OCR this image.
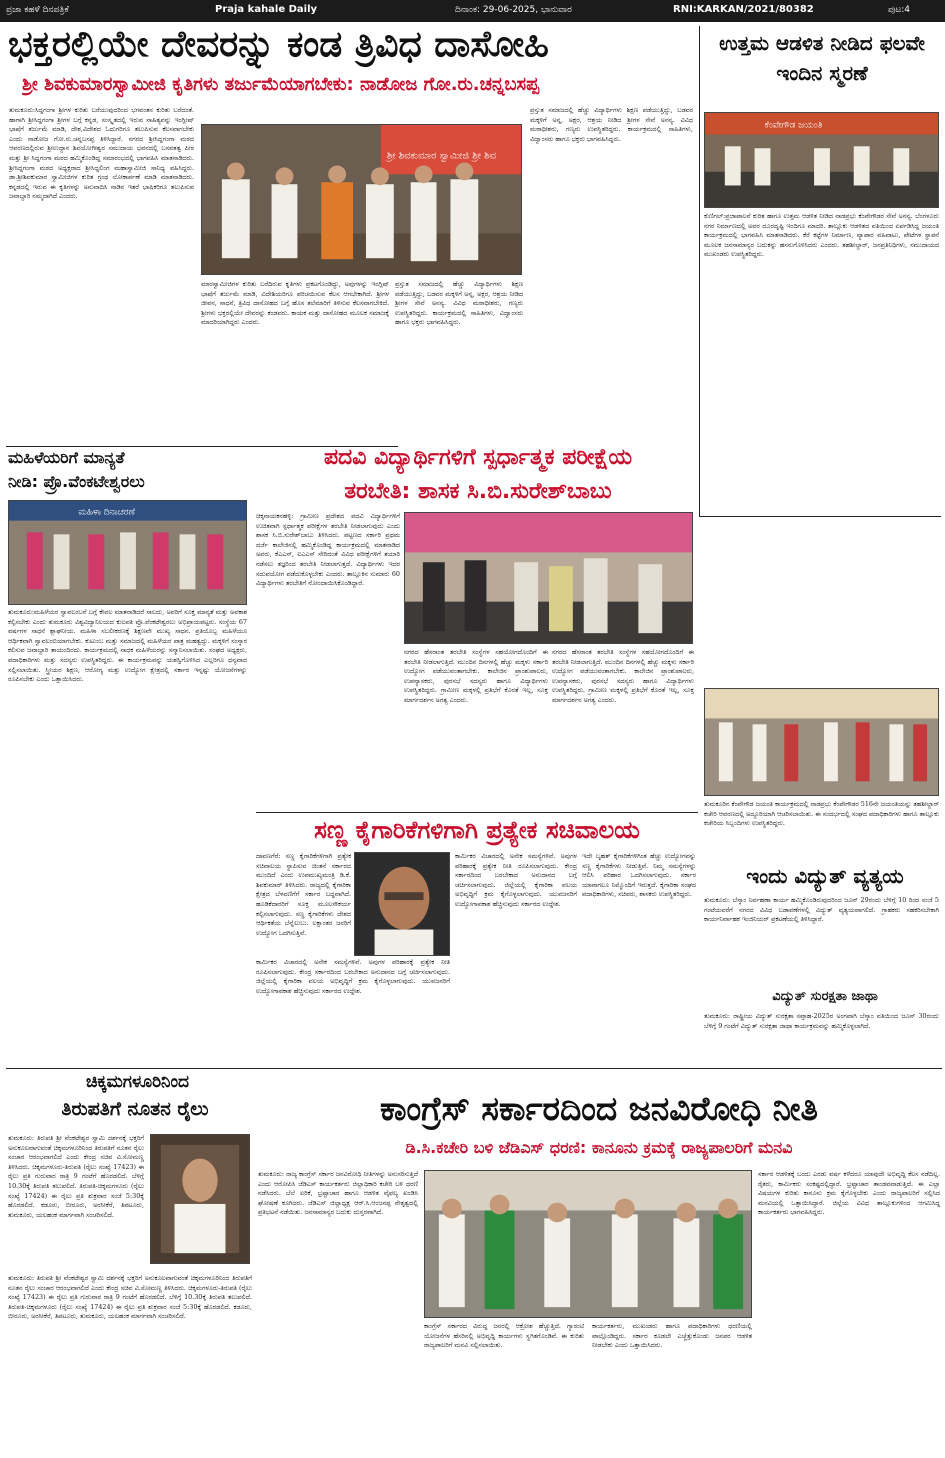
ಪ್ರಜಾ ಕಹಳೆ ದಿನಪತ್ರಿಕೆ	Praja kahale Daily	ದಿನಾಂಕ: 29-06-2025, ಭಾನುವಾರ	RNI:KARKAN/2021/80382	ಪುಟ:4
ಭಕ್ತರಲ್ಲಿಯೇ ದೇವರನ್ನು ಕಂಡ ತ್ರಿವಿಧ ದಾಸೋಹಿ
ಶ್ರೀ ಶಿವಕುಮಾರಸ್ವಾಮೀಜಿ ಕೃತಿಗಳು ತರ್ಜುಮೆಯಾಗಬೇಕು: ನಾಡೋಜ ಗೋ.ರು.ಚನ್ನಬಸಪ್ಪ
ತುಮಕೂರು:ಸಿದ್ದಗಂಗಾ ಶ್ರೀಗಳ ಕುರಿತು ಬರೆಯುವುದರಿಂದ ಭಗವಂತನ ಕುರಿತು ಬರೆದಂತೆ. ಹಾಗಾಗಿ ಶ್ರೀಸಿದ್ದಗಂಗಾ ಶ್ರೀಗಳ ಬಗ್ಗೆ ಕನ್ನಡ, ಸಂಸ್ಕೃತದಲ್ಲಿ ಇರುವ ಸಾಹಿತ್ಯವನ್ನು ಇಂಗ್ಲೀಷ್ ಭಾಷೆಗೆ ತರ್ಜುಮೆ ಮಾಡಿ, ದೇಶ,ವಿದೇಶದ ಓದುಗರಿಗೂ ತಲುಪಿಸುವ ಕೆಲಸವಾಗಬೇಕು ಎಂದು ನಾಡೋಜ ಗೋ.ರು.ಚನ್ನಬಸಪ್ಪ ತಿಳಿಸಿದ್ದಾರೆ. ನಗರದ ಶ್ರೀಸಿದ್ದಗಂಗಾ ಮಠದ ಆವರಣದಲ್ಲಿರುವ ಶ್ರೀಉದ್ದಾನ ಶಿವಯೋಗೀಶ್ವರ ಸಮುದಾಯ ಭವನದಲ್ಲಿ ಬಸವತತ್ವ ಪೀಠ ಮತ್ತು ಶ್ರೀ ಸಿದ್ದಗಂಗಾ ಮಠದ ಹಮ್ಮಿಕೊಂಡಿದ್ದ ಸಮಾರಂಭದಲ್ಲಿ ಭಾಗವಹಿಸಿ ಮಾತನಾಡಿದರು. ಶ್ರೀಸಿದ್ದಗಂಗಾ ಮಠದ ಅಧ್ಯಕ್ಷರಾದ ಶ್ರೀಸಿದ್ದಲಿಂಗ ಮಹಾಸ್ವಾಮೀಜಿ ಸಾನಿಧ್ಯ ವಹಿಸಿದ್ದರು. ಡಾ.ಶ್ರೀಶಿವಕುಮಾರ ಸ್ವಾಮೀಜಿಗಳ ಕುರಿತ ಗ್ರಂಥ ಲೋಕಾರ್ಪಣೆ ಮಾಡಿ ಮಾತನಾಡಿದರು. ಕನ್ನಡದಲ್ಲಿ ಇರುವ ಈ ಕೃತಿಗಳನ್ನು ಅನುವಾದಿಸಿ ನಾಡಿನ ಇತರೆ ಭಾಷಿಕರಿಗೂ ತಲುಪಿಸುವ ಜವಾಬ್ದಾರಿ ನಮ್ಮದಾಗಿದೆ ಎಂದರು.
ಶ್ರೀ ಶಿವಕುಮಾರ ಸ್ವಾಮೀಜಿ ಶ್ರೀ ಶಿವ
ಮಾರಸ್ವಾಮೀಜಿಗಳ ಕುರಿತು ಬರೆದಿರುವ ಕೃತಿಗಳು ಪ್ರಕಟಗೊಂಡಿದ್ದು, ಅವುಗಳನ್ನು ಇಂಗ್ಲಿಷ್ ಭಾಷೆಗೆ ತರ್ಜುಮೆ ಮಾಡಿ, ವಿದೇಶಿಯರಿಗೂ ಪರಿಚಯಿಸುವ ಕೆಲಸ ಆಗಬೇಕಾಗಿದೆ. ಶ್ರೀಗಳ ಜೀವನ, ಸಾಧನೆ, ತ್ರಿವಿಧ ದಾಸೋಹದ ಬಗ್ಗೆ ಹೊಸ ತಲೆಮಾರಿಗೆ ತಿಳಿಸುವ ಕೆಲಸವಾಗಬೇಕಿದೆ. ಶ್ರೀಗಳು ಭಕ್ತರಲ್ಲಿಯೇ ದೇವರನ್ನು ಕಂಡವರು. ಕಾಯಕ ಮತ್ತು ದಾಸೋಹದ ಮೂಲಕ ಸಮಾಜಕ್ಕೆ ಮಾದರಿಯಾಗಿದ್ದರು ಎಂದರು.
ಪ್ರಸ್ತುತ ಸಮಾಜದಲ್ಲಿ ಹೆಚ್ಚು ವಿದ್ಯಾರ್ಥಿಗಳು ಶಿಕ್ಷಣ ಪಡೆಯುತ್ತಿದ್ದು, ಬಡವರ ಮಕ್ಕಳಿಗೆ ಅನ್ನ, ಅಕ್ಷರ, ಆಶ್ರಯ ನೀಡಿದ ಶ್ರೀಗಳ ಸೇವೆ ಅನನ್ಯ. ವಿವಿಧ ಮಠಾಧೀಶರು, ಗಣ್ಯರು ಉಪಸ್ಥಿತರಿದ್ದರು. ಕಾರ್ಯಕ್ರಮದಲ್ಲಿ ಸಾಹಿತಿಗಳು, ವಿದ್ವಾಂಸರು ಹಾಗೂ ಭಕ್ತರು ಭಾಗವಹಿಸಿದ್ದರು.
ಪ್ರಸ್ತುತ ಸಮಾಜದಲ್ಲಿ ಹೆಚ್ಚು ವಿದ್ಯಾರ್ಥಿಗಳು ಶಿಕ್ಷಣ ಪಡೆಯುತ್ತಿದ್ದು, ಬಡವರ ಮಕ್ಕಳಿಗೆ ಅನ್ನ, ಅಕ್ಷರ, ಆಶ್ರಯ ನೀಡಿದ ಶ್ರೀಗಳ ಸೇವೆ ಅನನ್ಯ. ವಿವಿಧ ಮಠಾಧೀಶರು, ಗಣ್ಯರು ಉಪಸ್ಥಿತರಿದ್ದರು. ಕಾರ್ಯಕ್ರಮದಲ್ಲಿ ಸಾಹಿತಿಗಳು, ವಿದ್ವಾಂಸರು ಹಾಗೂ ಭಕ್ತರು ಭಾಗವಹಿಸಿದ್ದರು.
ಉತ್ತಮ ಆಡಳಿತ ನೀಡಿದ ಫಲವೇ ಇಂದಿನ ಸ್ಮರಣೆ
ಕೆಂಪೇಗೌಡ ಜಯಂತಿ
ಕುಣಿಗಲ್:ಪ್ರಜಾಪಾಲನೆ ಕುರಿತ ಹಾಗೂ ಉತ್ತಮ ಆಡಳಿತ ನೀಡಿದ ನಾಡಪ್ರಭು ಕೆಂಪೇಗೌಡರ ಸೇವೆ ಅನನ್ಯ. ಬೆಂಗಳೂರು ನಗರ ನಿರ್ಮಾಣದಲ್ಲಿ ಅವರ ದೂರದೃಷ್ಟಿ ಇಂದಿಗೂ ಮಾದರಿ. ತಾಲ್ಲೂಕು ಆಡಳಿತದ ವತಿಯಿಂದ ಏರ್ಪಡಿಸಿದ್ದ ಜಯಂತಿ ಕಾರ್ಯಕ್ರಮದಲ್ಲಿ ಭಾಗವಹಿಸಿ ಮಾತನಾಡಿದರು. ಕೆರೆ ಕಟ್ಟೆಗಳ ನಿರ್ಮಾಣ, ವ್ಯಾಪಾರ ವಹಿವಾಟು, ಪೇಟೆಗಳ ಸ್ಥಾಪನೆ ಮೂಲಕ ಜನಸಾಮಾನ್ಯರ ಬದುಕನ್ನು ಹಸನುಗೊಳಿಸಿದರು ಎಂದರು. ತಹಶೀಲ್ದಾರ್, ಜನಪ್ರತಿನಿಧಿಗಳು, ಸಮುದಾಯದ ಮುಖಂಡರು ಉಪಸ್ಥಿತರಿದ್ದರು.
ಮಹಿಳೆಯರಿಗೆ ಮಾನ್ಯತೆ
ನೀಡಿ: ಪ್ರೊ.ವೆಂಕಟೇಶ್ವರಲು
ಮಹಿಳಾ ದಿನಾಚರಣೆ
ತುಮಕೂರು:ಮಹಿಳೆಯರ ಸ್ವಾವಲಂಬನೆ ಬಗ್ಗೆ ಕೇವಲ ಮಾತನಾಡಿದರೆ ಸಾಲದು, ಅವರಿಗೆ ಸೂಕ್ತ ಮಾನ್ಯತೆ ಮತ್ತು ಅವಕಾಶ ಕಲ್ಪಿಸಬೇಕು ಎಂದು ತುಮಕೂರು ವಿಶ್ವವಿದ್ಯಾನಿಲಯದ ಕುಲಪತಿ ಪ್ರೊ.ವೆಂಕಟೇಶ್ವರಲು ಅಭಿಪ್ರಾಯಪಟ್ಟರು. ಸಂಸ್ಥೆಯ 67 ವರ್ಷಗಳ ಸಾಧನೆ ಶ್ಲಾಘನೀಯ. ಮಹಿಳಾ ಸಬಲೀಕರಣಕ್ಕೆ ಶಿಕ್ಷಣವೇ ಮುಖ್ಯ ಸಾಧನ. ಪ್ರತಿಯೊಬ್ಬ ಮಹಿಳೆಯೂ ಆರ್ಥಿಕವಾಗಿ ಸ್ವಾವಲಂಬಿಯಾಗಬೇಕು. ಕುಟುಂಬ ಮತ್ತು ಸಮಾಜದಲ್ಲಿ ಮಹಿಳೆಯರ ಪಾತ್ರ ಮಹತ್ವದ್ದು. ಮಕ್ಕಳಿಗೆ ಸಂಸ್ಕಾರ ಕಲಿಸುವ ಜವಾಬ್ದಾರಿ ತಾಯಂದಿರದು. ಕಾರ್ಯಕ್ರಮದಲ್ಲಿ ಸಾಧಕ ಮಹಿಳೆಯರನ್ನು ಸನ್ಮಾನಿಸಲಾಯಿತು. ಸಂಘದ ಅಧ್ಯಕ್ಷರು, ಪದಾಧಿಕಾರಿಗಳು ಮತ್ತು ಸದಸ್ಯರು ಉಪಸ್ಥಿತರಿದ್ದರು. ಈ ಕಾರ್ಯಕ್ರಮವನ್ನು ಯಶಸ್ವಿಗೊಳಿಸಿದ ಎಲ್ಲರಿಗೂ ಧನ್ಯವಾದ ಸಲ್ಲಿಸಲಾಯಿತು. ಸ್ತ್ರೀಯರ ಶಿಕ್ಷಣ, ಆರೋಗ್ಯ ಮತ್ತು ಉದ್ಯೋಗ ಕ್ಷೇತ್ರದಲ್ಲಿ ಸರ್ಕಾರ ಇನ್ನಷ್ಟು ಯೋಜನೆಗಳನ್ನು ರೂಪಿಸಬೇಕು ಎಂದು ಒತ್ತಾಯಿಸಿದರು.
ಪದವಿ ವಿದ್ಯಾರ್ಥಿಗಳಿಗೆ ಸ್ಪರ್ಧಾತ್ಮಕ ಪರೀಕ್ಷೆಯ
ತರಬೇತಿ: ಶಾಸಕ ಸಿ.ಬಿ.ಸುರೇಶ್‌ಬಾಬು
ಚಿಕ್ಕನಾಯಕನಹಳ್ಳಿ: ಗ್ರಾಮೀಣ ಪ್ರದೇಶದ ಪದವಿ ವಿದ್ಯಾರ್ಥಿಗಳಿಗೆ ಉಚಿತವಾಗಿ ಸ್ಪರ್ಧಾತ್ಮಕ ಪರೀಕ್ಷೆಗಳ ತರಬೇತಿ ನೀಡಲಾಗುವುದು ಎಂದು ಶಾಸಕ ಸಿ.ಬಿ.ಸುರೇಶ್‌ಬಾಬು ತಿಳಿಸಿದರು. ಪಟ್ಟಣದ ಸರ್ಕಾರಿ ಪ್ರಥಮ ದರ್ಜೆ ಕಾಲೇಜಿನಲ್ಲಿ ಹಮ್ಮಿಕೊಂಡಿದ್ದ ಕಾರ್ಯಕ್ರಮದಲ್ಲಿ ಮಾತನಾಡಿದ ಅವರು, ಕೆಎಎಸ್, ಐಎಎಸ್ ಸೇರಿದಂತೆ ವಿವಿಧ ಪರೀಕ್ಷೆಗಳಿಗೆ ತಯಾರಿ ನಡೆಸಲು ತಜ್ಞರಿಂದ ತರಬೇತಿ ನೀಡಲಾಗುತ್ತದೆ. ವಿದ್ಯಾರ್ಥಿಗಳು ಇದರ ಸದುಪಯೋಗ ಪಡೆದುಕೊಳ್ಳಬೇಕು ಎಂದರು. ತಾಲ್ಲೂಕಿನ ಸುಮಾರು 60 ವಿದ್ಯಾರ್ಥಿಗಳು ತರಬೇತಿಗೆ ನೋಂದಾಯಿಸಿಕೊಂಡಿದ್ದಾರೆ.
ನಗರದ ಹೆಸರಾಂತ ತರಬೇತಿ ಸಂಸ್ಥೆಗಳ ಸಹಯೋಗದೊಂದಿಗೆ ಈ ತರಬೇತಿ ನೀಡಲಾಗುತ್ತಿದೆ. ಮುಂದಿನ ದಿನಗಳಲ್ಲಿ ಹೆಚ್ಚು ಮಕ್ಕಳು ಸರ್ಕಾರಿ ಉದ್ಯೋಗ ಪಡೆಯುವಂತಾಗಬೇಕು. ಕಾಲೇಜಿನ ಪ್ರಾಂಶುಪಾಲರು, ಉಪನ್ಯಾಸಕರು, ಪುರಸಭೆ ಸದಸ್ಯರು ಹಾಗೂ ವಿದ್ಯಾರ್ಥಿಗಳು ಉಪಸ್ಥಿತರಿದ್ದರು. ಗ್ರಾಮೀಣ ಮಕ್ಕಳಲ್ಲಿ ಪ್ರತಿಭೆಗೆ ಕೊರತೆ ಇಲ್ಲ, ಸೂಕ್ತ ಮಾರ್ಗದರ್ಶನ ಅಗತ್ಯ ಎಂದರು.
ನಗರದ ಹೆಸರಾಂತ ತರಬೇತಿ ಸಂಸ್ಥೆಗಳ ಸಹಯೋಗದೊಂದಿಗೆ ಈ ತರಬೇತಿ ನೀಡಲಾಗುತ್ತಿದೆ. ಮುಂದಿನ ದಿನಗಳಲ್ಲಿ ಹೆಚ್ಚು ಮಕ್ಕಳು ಸರ್ಕಾರಿ ಉದ್ಯೋಗ ಪಡೆಯುವಂತಾಗಬೇಕು. ಕಾಲೇಜಿನ ಪ್ರಾಂಶುಪಾಲರು, ಉಪನ್ಯಾಸಕರು, ಪುರಸಭೆ ಸದಸ್ಯರು ಹಾಗೂ ವಿದ್ಯಾರ್ಥಿಗಳು ಉಪಸ್ಥಿತರಿದ್ದರು. ಗ್ರಾಮೀಣ ಮಕ್ಕಳಲ್ಲಿ ಪ್ರತಿಭೆಗೆ ಕೊರತೆ ಇಲ್ಲ, ಸೂಕ್ತ ಮಾರ್ಗದರ್ಶನ ಅಗತ್ಯ ಎಂದರು.
ತುಮಕೂರಿನ ಕೆಂಪೇಗೌಡ ಜಯಂತಿ ಕಾರ್ಯಕ್ರಮದಲ್ಲಿ ನಾಡಪ್ರಭು ಕೆಂಪೇಗೌಡರ 516ನೇ ಜಯಂತಿಯನ್ನು ತಹಶೀಲ್ದಾರ್ ಕಚೇರಿ ಆವರಣದಲ್ಲಿ ಅದ್ದೂರಿಯಾಗಿ ಆಚರಿಸಲಾಯಿತು. ಈ ಸಂದರ್ಭದಲ್ಲಿ ಸಂಘದ ಪದಾಧಿಕಾರಿಗಳು ಹಾಗೂ ತಾಲ್ಲೂಕು ಕಚೇರಿಯ ಸಿಬ್ಬಂದಿಗಳು ಉಪಸ್ಥಿತರಿದ್ದರು.
ಇಂದು ವಿದ್ಯುತ್ ವ್ಯತ್ಯಯ
ತುಮಕೂರು: ಬೆಸ್ಕಾಂ ನಿರ್ವಹಣಾ ಕಾರ್ಯ ಹಮ್ಮಿಕೊಂಡಿರುವುದರಿಂದ ಜೂನ್ 29ರಂದು ಬೆಳಿಗ್ಗೆ 10 ರಿಂದ ಸಂಜೆ 5 ಗಂಟೆಯವರೆಗೆ ನಗರದ ವಿವಿಧ ಬಡಾವಣೆಗಳಲ್ಲಿ ವಿದ್ಯುತ್ ವ್ಯತ್ಯಯವಾಗಲಿದೆ. ಗ್ರಾಹಕರು ಸಹಕರಿಸಬೇಕಾಗಿ ಕಾರ್ಯನಿರ್ವಾಹಕ ಇಂಜಿನಿಯರ್ ಪ್ರಕಟಣೆಯಲ್ಲಿ ತಿಳಿಸಿದ್ದಾರೆ.
ವಿದ್ಯುತ್ ಸುರಕ್ಷತಾ ಜಾಥಾ
ತುಮಕೂರು: ರಾಷ್ಟ್ರೀಯ ವಿದ್ಯುತ್ ಸುರಕ್ಷತಾ ಸಪ್ತಾಹ-2025ರ ಅಂಗವಾಗಿ ಬೆಸ್ಕಾಂ ವತಿಯಿಂದ ಜೂನ್ 30ರಂದು ಬೆಳಿಗ್ಗೆ 9 ಗಂಟೆಗೆ ವಿದ್ಯುತ್ ಸುರಕ್ಷತಾ ಜಾಥಾ ಕಾರ್ಯಕ್ರಮವನ್ನು ಹಮ್ಮಿಕೊಳ್ಳಲಾಗಿದೆ.
ಸಣ್ಣ ಕೈಗಾರಿಕೆಗಳಿಗಾಗಿ ಪ್ರತ್ಯೇಕ ಸಚಿವಾಲಯ
ದಾವಣಗೆರೆ: ಸಣ್ಣ ಕೈಗಾರಿಕೆಗಳಿಗಾಗಿ ಪ್ರತ್ಯೇಕ ಸಚಿವಾಲಯ ಸ್ಥಾಪಿಸುವ ಚಿಂತನೆ ಸರ್ಕಾರದ ಮುಂದಿದೆ ಎಂದು ಉಪಮುಖ್ಯಮಂತ್ರಿ ಡಿ.ಕೆ. ಶಿವಕುಮಾರ್ ತಿಳಿಸಿದರು. ರಾಜ್ಯದಲ್ಲಿ ಕೈಗಾರಿಕಾ ಕ್ಷೇತ್ರದ ಬೆಳವಣಿಗೆಗೆ ಸರ್ಕಾರ ಬದ್ಧವಾಗಿದೆ. ಹೂಡಿಕೆದಾರರಿಗೆ ಸೂಕ್ತ ಮೂಲಸೌಕರ್ಯ ಕಲ್ಪಿಸಲಾಗುವುದು. ಸಣ್ಣ ಕೈಗಾರಿಕೆಗಳು ದೇಶದ ಆರ್ಥಿಕತೆಯ ಬೆನ್ನೆಲುಬು. ಲಕ್ಷಾಂತರ ಜನರಿಗೆ ಉದ್ಯೋಗ ಒದಗಿಸುತ್ತಿವೆ.
ಕಾರ್ಮಿಕರ ವಿಚಾರದಲ್ಲಿ ಅನೇಕ ಸಮಸ್ಯೆಗಳಿವೆ. ಅವುಗಳ ಪರಿಹಾರಕ್ಕೆ ಪ್ರತ್ಯೇಕ ನೀತಿ ರೂಪಿಸಲಾಗುವುದು. ಕೇಂದ್ರ ಸರ್ಕಾರದಿಂದ ಬರಬೇಕಾದ ಅನುದಾನದ ಬಗ್ಗೆ ಚರ್ಚಿಸಲಾಗುವುದು. ಜಿಲ್ಲೆಯಲ್ಲಿ ಕೈಗಾರಿಕಾ ವಲಯ ಅಭಿವೃದ್ಧಿಗೆ ಕ್ರಮ ಕೈಗೊಳ್ಳಲಾಗುವುದು. ಯುವಜನರಿಗೆ ಉದ್ಯೋಗಾವಕಾಶ ಹೆಚ್ಚಿಸುವುದು ಸರ್ಕಾರದ ಉದ್ದೇಶ.
ಕಾರ್ಮಿಕರ ವಿಚಾರದಲ್ಲಿ ಅನೇಕ ಸಮಸ್ಯೆಗಳಿವೆ. ಅವುಗಳ ಪರಿಹಾರಕ್ಕೆ ಪ್ರತ್ಯೇಕ ನೀತಿ ರೂಪಿಸಲಾಗುವುದು. ಕೇಂದ್ರ ಸರ್ಕಾರದಿಂದ ಬರಬೇಕಾದ ಅನುದಾನದ ಬಗ್ಗೆ ಚರ್ಚಿಸಲಾಗುವುದು. ಜಿಲ್ಲೆಯಲ್ಲಿ ಕೈಗಾರಿಕಾ ವಲಯ ಅಭಿವೃದ್ಧಿಗೆ ಕ್ರಮ ಕೈಗೊಳ್ಳಲಾಗುವುದು. ಯುವಜನರಿಗೆ ಉದ್ಯೋಗಾವಕಾಶ ಹೆಚ್ಚಿಸುವುದು ಸರ್ಕಾರದ ಉದ್ದೇಶ.
ಇದೇ ಬೃಹತ್ ಕೈಗಾರಿಕೆಗಳಿಗಿಂತ ಹೆಚ್ಚು ಉದ್ಯೋಗವನ್ನು ಸಣ್ಣ ಕೈಗಾರಿಕೆಗಳು ನೀಡುತ್ತಿವೆ. ನಿಮ್ಮ ಸಮಸ್ಯೆಗಳನ್ನು ಆಲಿಸಿ ಪರಿಹಾರ ಒದಗಿಸಲಾಗುವುದು. ಸರ್ಕಾರ ಯಾವಾಗಲೂ ನಿಮ್ಮೊಂದಿಗೆ ಇರುತ್ತದೆ. ಕೈಗಾರಿಕಾ ಸಂಘದ ಪದಾಧಿಕಾರಿಗಳು, ಸಚಿವರು, ಶಾಸಕರು ಉಪಸ್ಥಿತರಿದ್ದರು.
ಚಿಕ್ಕಮಗಳೂರಿನಿಂದ
ತಿರುಪತಿಗೆ ನೂತನ ರೈಲು
ತುಮಕೂರು: ತಿರುಪತಿ ಶ್ರೀ ವೆಂಕಟೇಶ್ವರ ಸ್ವಾಮಿ ದರ್ಶನಕ್ಕೆ ಭಕ್ತರಿಗೆ ಅನುಕೂಲವಾಗುವಂತೆ ಚಿಕ್ಕಮಗಳೂರಿನಿಂದ ತಿರುಪತಿಗೆ ನೂತನ ರೈಲು ಸಂಚಾರ ಆರಂಭವಾಗಲಿದೆ ಎಂದು ಕೇಂದ್ರ ಸಚಿವ ವಿ.ಸೋಮಣ್ಣ ತಿಳಿಸಿದರು. ಚಿಕ್ಕಮಗಳೂರು-ತಿರುಪತಿ (ರೈಲು ಸಂಖ್ಯೆ 17423) ಈ ರೈಲು ಪ್ರತಿ ಗುರುವಾರ ರಾತ್ರಿ 9 ಗಂಟೆಗೆ ಹೊರಡಲಿದೆ. ಬೆಳಿಗ್ಗೆ 10.30ಕ್ಕೆ ತಿರುಪತಿ ತಲುಪಲಿದೆ. ತಿರುಪತಿ-ಚಿಕ್ಕಮಗಳೂರು (ರೈಲು ಸಂಖ್ಯೆ 17424) ಈ ರೈಲು ಪ್ರತಿ ಶುಕ್ರವಾರ ಸಂಜೆ 5:30ಕ್ಕೆ ಹೊರಡಲಿದೆ. ಕಡೂರು, ಬೀರೂರು, ಅರಸೀಕೆರೆ, ತಿಪಟೂರು, ತುಮಕೂರು, ಯಲಹಂಕ ಮಾರ್ಗವಾಗಿ ಸಂಚರಿಸಲಿದೆ.
ತುಮಕೂರು: ತಿರುಪತಿ ಶ್ರೀ ವೆಂಕಟೇಶ್ವರ ಸ್ವಾಮಿ ದರ್ಶನಕ್ಕೆ ಭಕ್ತರಿಗೆ ಅನುಕೂಲವಾಗುವಂತೆ ಚಿಕ್ಕಮಗಳೂರಿನಿಂದ ತಿರುಪತಿಗೆ ನೂತನ ರೈಲು ಸಂಚಾರ ಆರಂಭವಾಗಲಿದೆ ಎಂದು ಕೇಂದ್ರ ಸಚಿವ ವಿ.ಸೋಮಣ್ಣ ತಿಳಿಸಿದರು. ಚಿಕ್ಕಮಗಳೂರು-ತಿರುಪತಿ (ರೈಲು ಸಂಖ್ಯೆ 17423) ಈ ರೈಲು ಪ್ರತಿ ಗುರುವಾರ ರಾತ್ರಿ 9 ಗಂಟೆಗೆ ಹೊರಡಲಿದೆ. ಬೆಳಿಗ್ಗೆ 10.30ಕ್ಕೆ ತಿರುಪತಿ ತಲುಪಲಿದೆ. ತಿರುಪತಿ-ಚಿಕ್ಕಮಗಳೂರು (ರೈಲು ಸಂಖ್ಯೆ 17424) ಈ ರೈಲು ಪ್ರತಿ ಶುಕ್ರವಾರ ಸಂಜೆ 5:30ಕ್ಕೆ ಹೊರಡಲಿದೆ. ಕಡೂರು, ಬೀರೂರು, ಅರಸೀಕೆರೆ, ತಿಪಟೂರು, ತುಮಕೂರು, ಯಲಹಂಕ ಮಾರ್ಗವಾಗಿ ಸಂಚರಿಸಲಿದೆ.
ಕಾಂಗ್ರೆಸ್ ಸರ್ಕಾರದಿಂದ ಜನವಿರೋಧಿ ನೀತಿ
ಡಿ.ಸಿ.ಕಚೇರಿ ಬಳಿ ಜೆಡಿಎಸ್ ಧರಣಿ: ಕಾನೂನು ಕ್ರಮಕ್ಕೆ ರಾಜ್ಯಪಾಲರಿಗೆ ಮನವಿ
ತುಮಕೂರು: ರಾಜ್ಯ ಕಾಂಗ್ರೆಸ್ ಸರ್ಕಾರ ಜನವಿರೋಧಿ ನೀತಿಗಳನ್ನು ಅನುಸರಿಸುತ್ತಿದೆ ಎಂದು ಆರೋಪಿಸಿ ಜೆಡಿಎಸ್ ಕಾರ್ಯಕರ್ತರು ಜಿಲ್ಲಾಧಿಕಾರಿ ಕಚೇರಿ ಬಳಿ ಧರಣಿ ನಡೆಸಿದರು. ಬೆಲೆ ಏರಿಕೆ, ಭ್ರಷ್ಟಾಚಾರ ಹಾಗೂ ಆಡಳಿತ ವೈಫಲ್ಯ ಖಂಡಿಸಿ ಘೋಷಣೆ ಕೂಗಿದರು. ಜೆಡಿಎಸ್ ಜಿಲ್ಲಾಧ್ಯಕ್ಷ ಆರ್.ಸಿ.ಆಂಜನಪ್ಪ ನೇತೃತ್ವದಲ್ಲಿ ಪ್ರತಿಭಟನೆ ನಡೆಯಿತು. ಜನಸಾಮಾನ್ಯರ ಬದುಕು ದುಸ್ತರವಾಗಿದೆ.
ಕಾಂಗ್ರೆಸ್ ಸರ್ಕಾರದ ವಿರುದ್ಧ ಜನರಲ್ಲಿ ಆಕ್ರೋಶ ಹೆಚ್ಚುತ್ತಿದೆ. ಗ್ಯಾರಂಟಿ ಯೋಜನೆಗಳ ಹೆಸರಿನಲ್ಲಿ ಅಭಿವೃದ್ಧಿ ಕಾರ್ಯಗಳು ಸ್ಥಗಿತಗೊಂಡಿವೆ. ಈ ಕುರಿತು ರಾಜ್ಯಪಾಲರಿಗೆ ಮನವಿ ಸಲ್ಲಿಸಲಾಯಿತು.
ಕಾರ್ಯಕರ್ತರು, ಮುಖಂಡರು ಹಾಗೂ ಪದಾಧಿಕಾರಿಗಳು ಧರಣಿಯಲ್ಲಿ ಪಾಲ್ಗೊಂಡಿದ್ದರು. ಸರ್ಕಾರ ಕೂಡಲೇ ಎಚ್ಚೆತ್ತುಕೊಂಡು ಜನಪರ ಆಡಳಿತ ನೀಡಬೇಕು ಎಂದು ಒತ್ತಾಯಿಸಿದರು.
ಸರ್ಕಾರ ಆಡಳಿತಕ್ಕೆ ಬಂದು ಎರಡು ವರ್ಷ ಕಳೆದರೂ ಯಾವುದೇ ಅಭಿವೃದ್ಧಿ ಕೆಲಸ ನಡೆದಿಲ್ಲ. ರೈತರು, ಕಾರ್ಮಿಕರು ಸಂಕಷ್ಟದಲ್ಲಿದ್ದಾರೆ. ಭ್ರಷ್ಟಾಚಾರ ತಾಂಡವವಾಡುತ್ತಿದೆ. ಈ ಎಲ್ಲಾ ವಿಷಯಗಳ ಕುರಿತು ಕಾನೂನು ಕ್ರಮ ಕೈಗೊಳ್ಳಬೇಕು ಎಂದು ರಾಜ್ಯಪಾಲರಿಗೆ ಸಲ್ಲಿಸಿದ ಮನವಿಯಲ್ಲಿ ಒತ್ತಾಯಿಸಿದ್ದಾರೆ. ಜಿಲ್ಲೆಯ ವಿವಿಧ ತಾಲ್ಲೂಕುಗಳಿಂದ ಆಗಮಿಸಿದ್ದ ಕಾರ್ಯಕರ್ತರು ಭಾಗವಹಿಸಿದ್ದರು.
